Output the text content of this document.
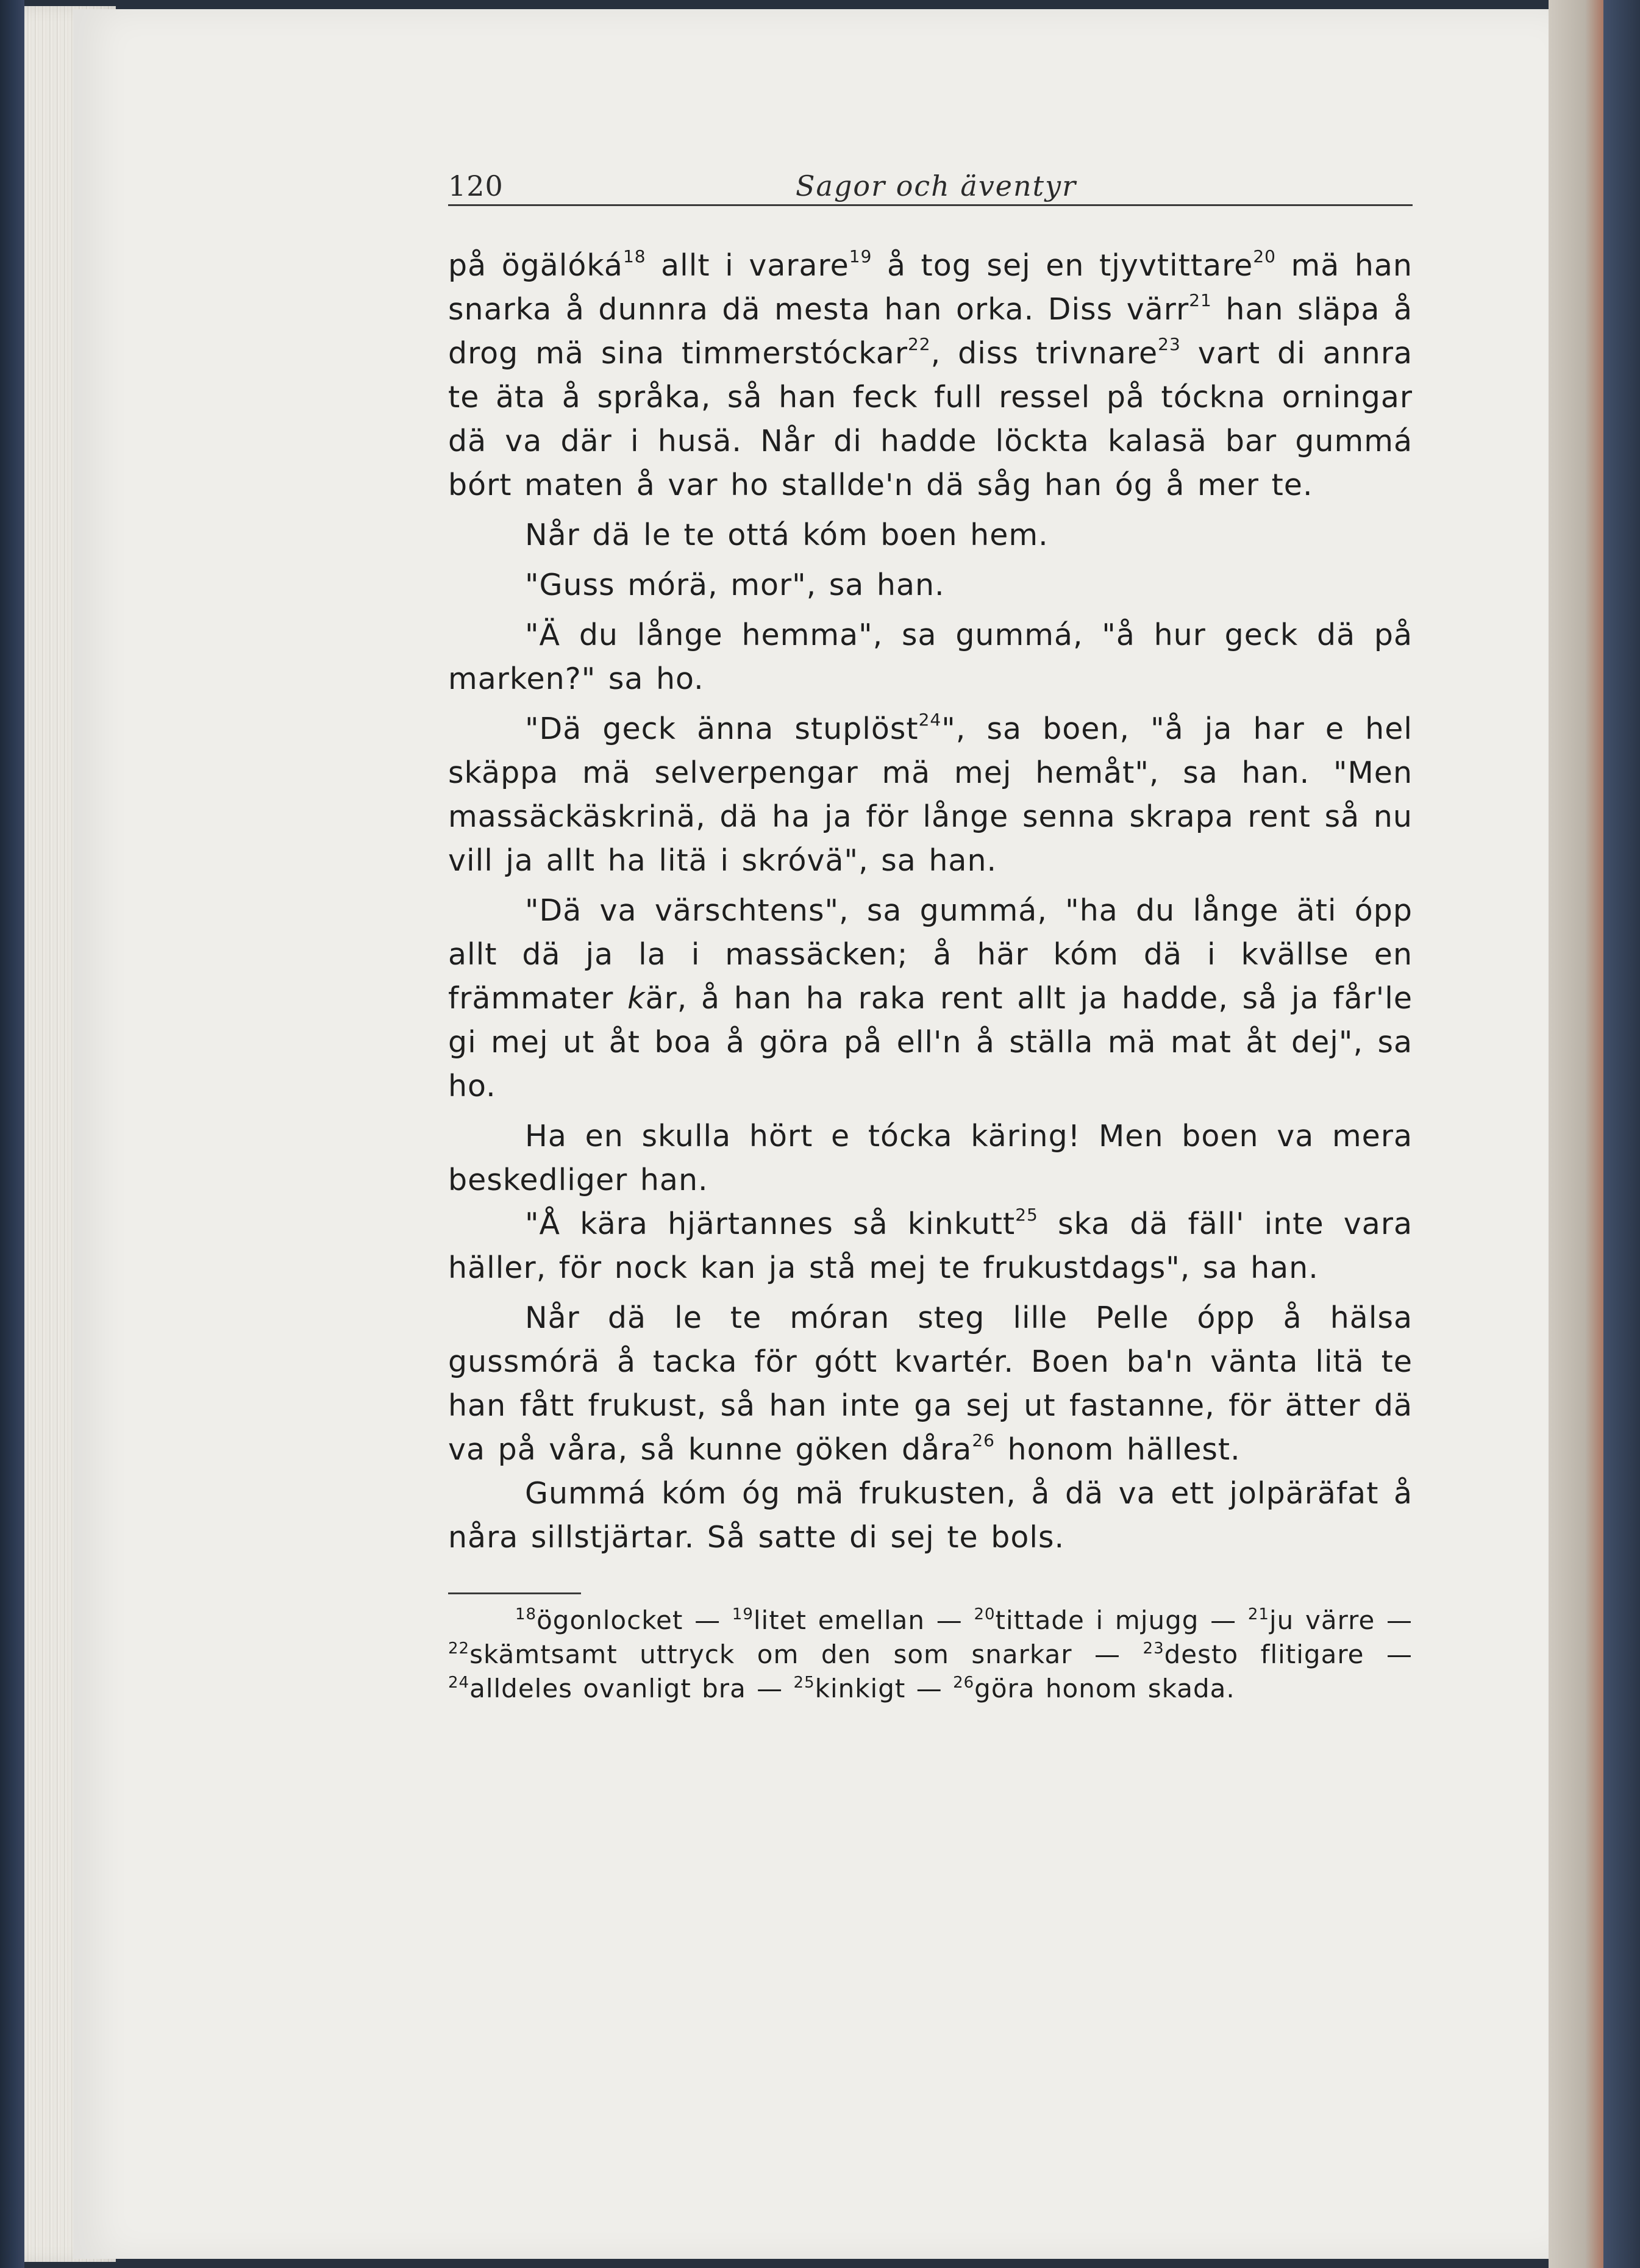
120	Sagor och äventyr

på ögälóká$^{18}$ allt i varare$^{19}$ å tog sej en tjyvtittare$^{20}$ mä han snarka å dunnra dä mesta han orka. Diss värr$^{21}$ han släpa å drog mä sina timmerstóckar$^{22}$, diss trivnare$^{23}$ vart di annra te äta å språka, så han feck full ressel på tóckna orningar dä va där i husä. Når di hadde löckta kalasä bar gummá bórt maten å var ho stallde'n dä såg han óg å mer te.

Når dä le te ottá kóm boen hem.

"Guss mórä, mor", sa han.

"Ä du långe hemma", sa gummá, "å hur geck dä på marken?" sa ho.

"Dä geck änna stuplöst$^{24}$", sa boen, "å ja har e hel skäppa mä selverpengar mä mej hemåt", sa han. "Men massäckäskrinä, dä ha ja för långe senna skrapa rent så nu vill ja allt ha litä i skróvä", sa han.

"Dä va värschtens", sa gummá, "ha du långe äti ópp allt dä ja la i massäcken; å här kóm dä i kvällse en främmater kär, å han ha raka rent allt ja hadde, så ja får'le gi mej ut åt boa å göra på ell'n å ställa mä mat åt dej", sa ho.

Ha en skulla hört e tócka käring! Men boen va mera beskedliger han.

"Å kära hjärtannes så kinkutt$^{25}$ ska dä fäll' inte vara häller, för nock kan ja stå mej te frukustdags", sa han.

Når dä le te móran steg lille Pelle ópp å hälsa gussmórä å tacka för gótt kvartér. Boen ba'n vänta litä te han fått frukust, så han inte ga sej ut fastanne, för ätter dä va på våra, så kunne göken dåra$^{26}$ honom hällest.

Gummá kóm óg mä frukusten, å dä va ett jolpäräfat å nåra sillstjärtar. Så satte di sej te bols.

$^{18}$ögonlocket — $^{19}$litet emellan — $^{20}$tittade i mjugg — $^{21}$ju värre — $^{22}$skämtsamt uttryck om den som snarkar — $^{23}$desto flitigare — $^{24}$alldeles ovanligt bra — $^{25}$kinkigt — $^{26}$göra honom skada.
